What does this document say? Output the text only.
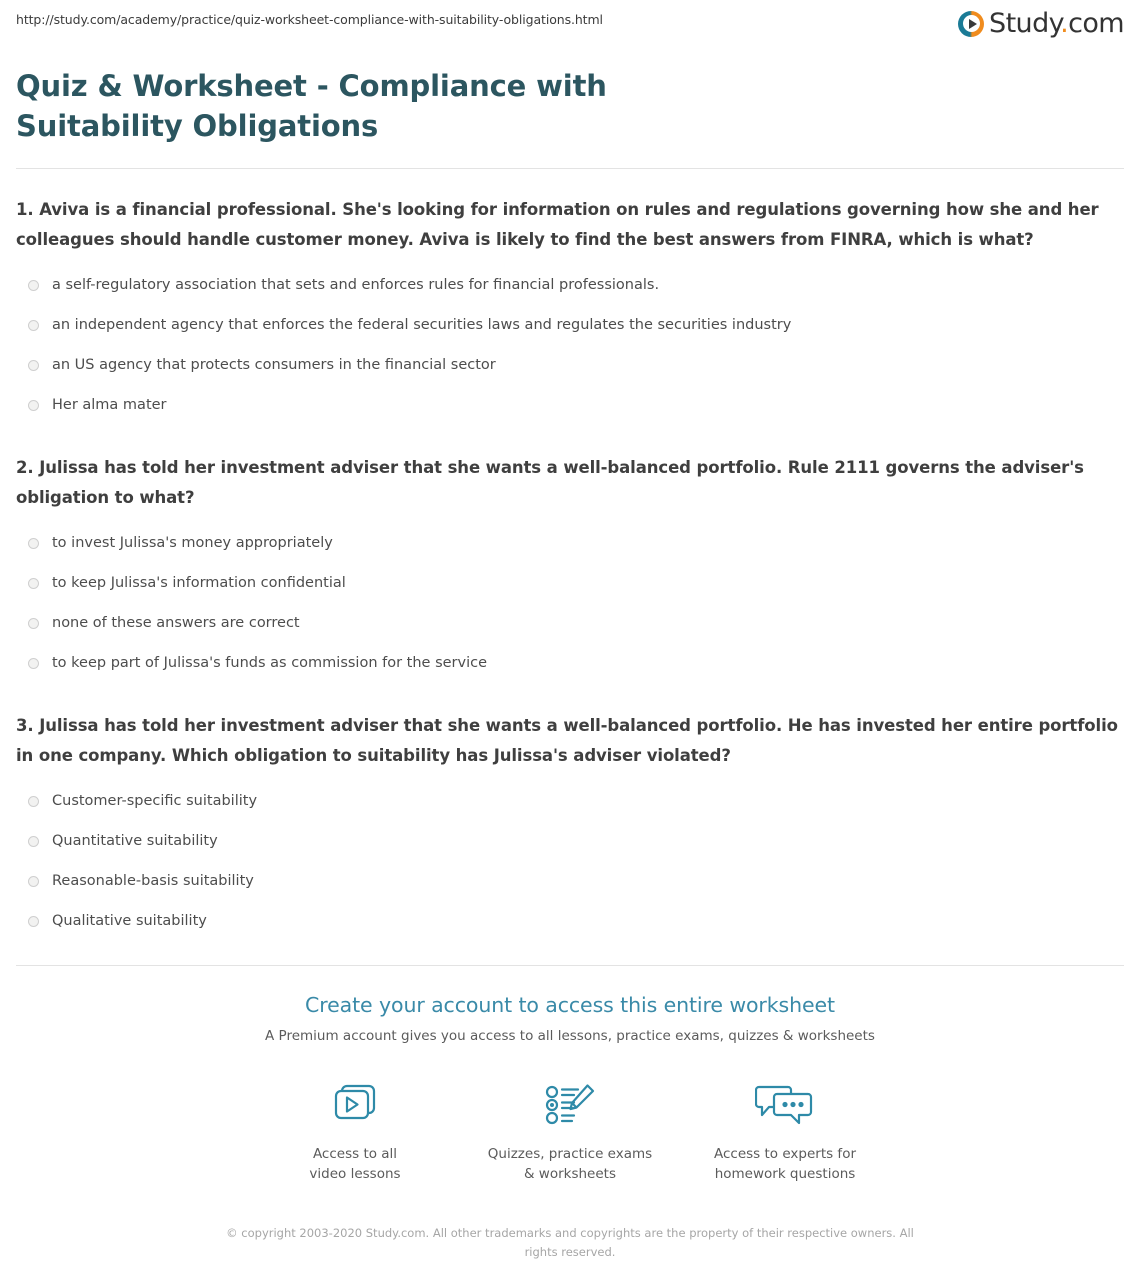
http://study.com/academy/practice/quiz-worksheet-compliance-with-suitability-obligations.html	Study.com
Quiz & Worksheet - Compliance with Suitability Obligations

1. Aviva is a financial professional. She's looking for information on rules and regulations governing how she and her colleagues should handle customer money. Aviva is likely to find the best answers from FINRA, which is what?

a self-regulatory association that sets and enforces rules for financial professionals.
an independent agency that enforces the federal securities laws and regulates the securities industry
an US agency that protects consumers in the financial sector
Her alma mater

2. Julissa has told her investment adviser that she wants a well-balanced portfolio. Rule 2111 governs the adviser's obligation to what?

to invest Julissa's money appropriately
to keep Julissa's information confidential
none of these answers are correct
to keep part of Julissa's funds as commission for the service

3. Julissa has told her investment adviser that she wants a well-balanced portfolio. He has invested her entire portfolio in one company. Which obligation to suitability has Julissa's adviser violated?

Customer-specific suitability
Quantitative suitability
Reasonable-basis suitability
Qualitative suitability

Create your account to access this entire worksheet

A Premium account gives you access to all lessons, practice exams, quizzes & worksheets

Access to all
video lessons
Quizzes, practice exams
& worksheets
Access to experts for
homework questions
© copyright 2003-2020 Study.com. All other trademarks and copyrights are the property of their respective owners. All rights reserved.
